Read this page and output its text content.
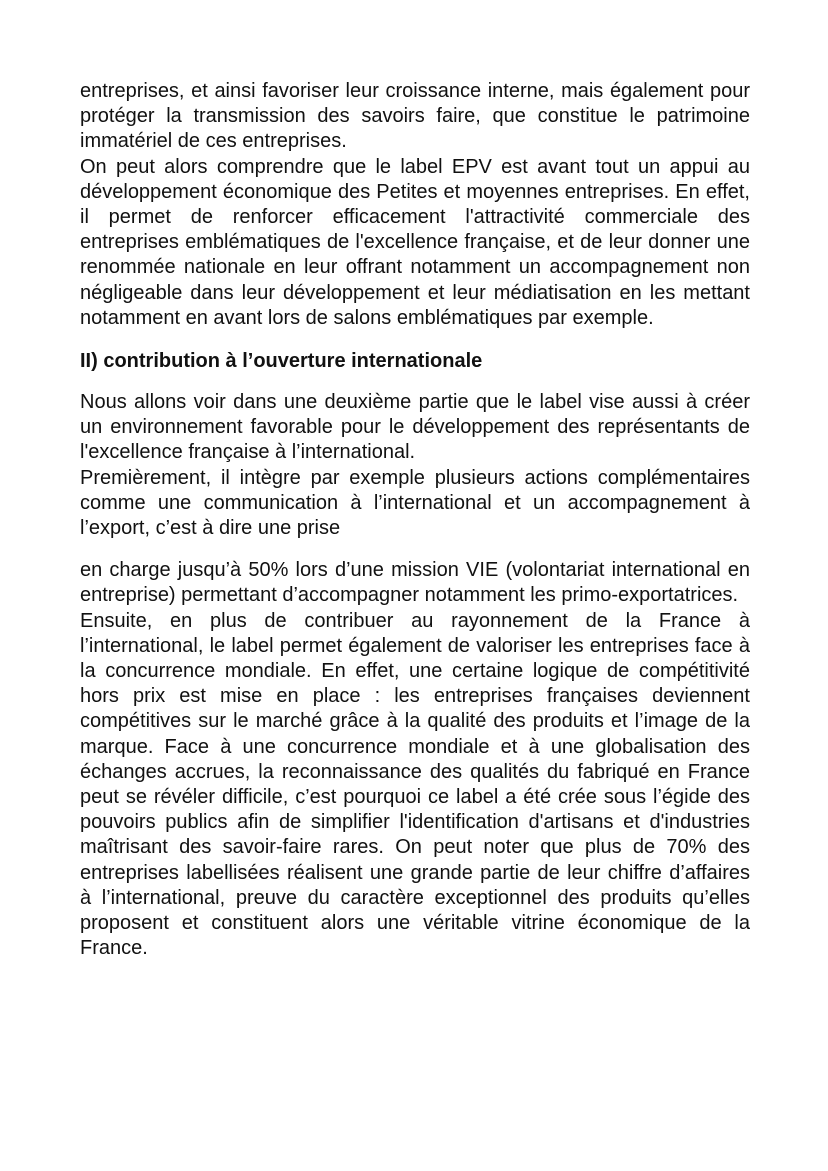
entreprises, et ainsi favoriser leur croissance interne, mais également pour protéger la transmission des savoirs faire, que constitue le patrimoine immatériel de ces entreprises.

On peut alors comprendre que le label EPV est avant tout un appui au développement économique des Petites et moyennes entreprises. En effet, il permet de renforcer efficacement l'attractivité commerciale des entreprises emblématiques de l'excellence française, et de leur donner une renommée nationale en leur offrant notamment un accompagnement non négligeable dans leur développement et leur médiatisation en les mettant notamment en avant lors de salons emblématiques par exemple.

II) contribution à l’ouverture internationale

Nous allons voir dans une deuxième partie que le label vise aussi à créer un environnement favorable pour le développement des représentants de l'excellence française à l’international.

Premièrement, il intègre par exemple plusieurs actions complémentaires comme une communication à l’international et un accompagnement à l’export, c’est à dire une prise

en charge jusqu’à 50% lors d’une mission VIE (volontariat international en entreprise) permettant d’accompagner notamment les primo-exportatrices.

Ensuite, en plus de contribuer au rayonnement de la France à l’international, le label permet également de valoriser les entreprises face à la concurrence mondiale. En effet, une certaine logique de compétitivité hors prix est mise en place : les entreprises françaises deviennent compétitives sur le marché grâce à la qualité des produits et l’image de la marque. Face à une concurrence mondiale et à une globalisation des échanges accrues, la reconnaissance des qualités du fabriqué en France peut se révéler difficile, c’est pourquoi ce label a été crée sous l’égide des pouvoirs publics afin de simplifier l'identification d'artisans et d'industries maîtrisant des savoir-faire rares. On peut noter que plus de 70% des entreprises labellisées réalisent une grande partie de leur chiffre d’affaires à l’international, preuve du caractère exceptionnel des produits qu’elles proposent et constituent alors une véritable vitrine économique de la France.
